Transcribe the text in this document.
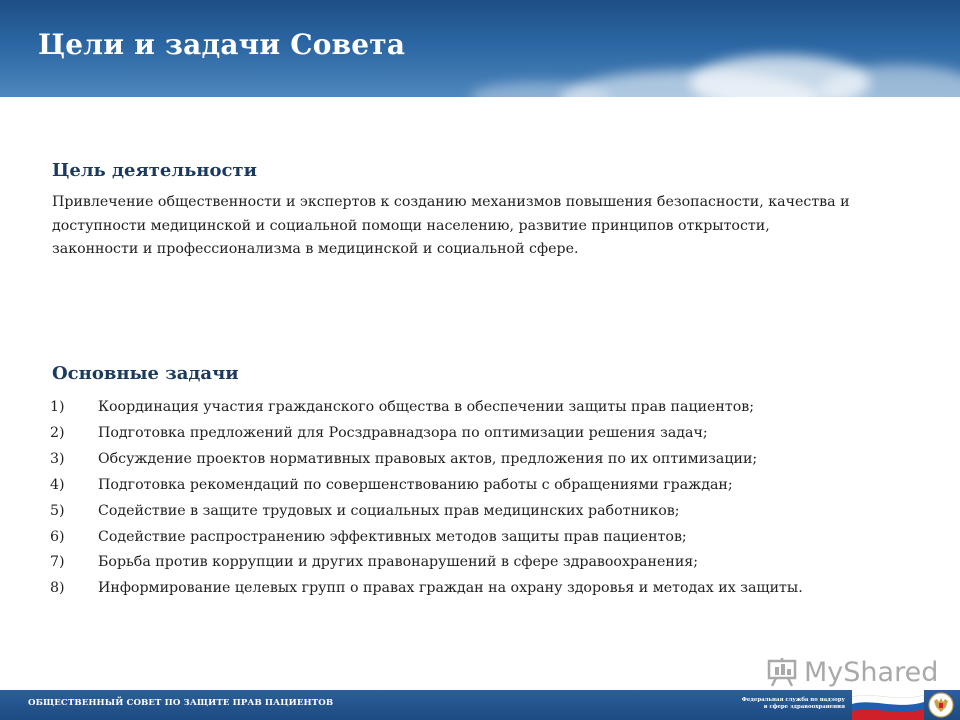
Цели и задачи Совета
Цель деятельности

Привлечение общественности и экспертов к созданию механизмов повышения безопасности, качества и доступности медицинской и социальной помощи населению, развитие принципов открытости, законности и профессионализма в медицинской и социальной сфере.

Основные задачи
1)	Координация участия гражданского общества в обеспечении защиты прав пациентов;
2)	Подготовка предложений для Росздравнадзора по оптимизации решения задач;
3)	Обсуждение проектов нормативных правовых актов, предложения по их оптимизации;
4)	Подготовка рекомендаций по совершенствованию работы с обращениями граждан;
5)	Содействие в защите трудовых и социальных прав медицинских работников;
6)	Содействие распространению эффективных методов защиты прав пациентов;
7)	Борьба против коррупции и других правонарушений в сфере здравоохранения;
8)	Информирование целевых групп о правах граждан на охрану здоровья и методах их защиты.
MyShared
ОБЩЕСТВЕННЫЙ СОВЕТ ПО ЗАЩИТЕ ПРАВ ПАЦИЕНТОВ	Федеральная служба по надзору
в сфере здравоохранения
